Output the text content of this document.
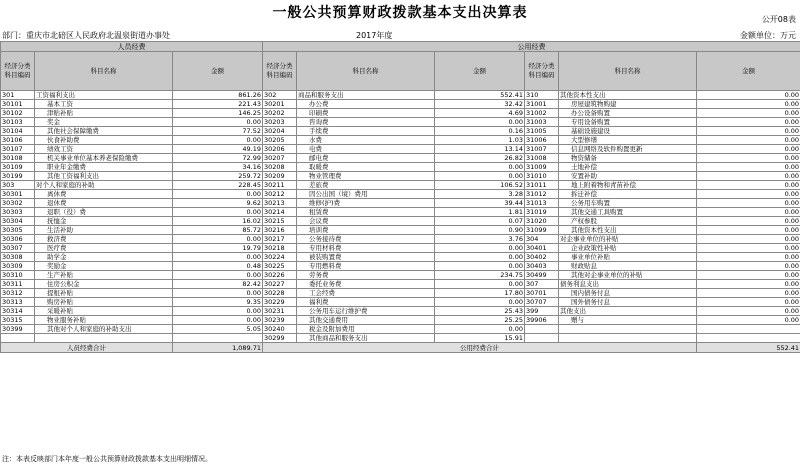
一般公共预算财政拨款基本支出决算表	公开08表
部门：重庆市北碚区人民政府北温泉街道办事处	2017年度	金额单位：万元
人员经费			公用经费					
经济分类科目编码	科目名称	金额	经济分类科目编码	科目名称	金额	经济分类科目编码	科目名称	金额
301	工资福利支出	861.26	302	商品和服务支出	552.41	310	其他资本性支出	0.00
30101	基本工资	221.43	30201	办公费	32.42	31001	房屋建筑物购建	0.00
30102	津贴补贴	146.25	30202	印刷费	4.69	31002	办公设备购置	0.00
30103	奖金	0.00	30203	咨询费	0.00	31003	专用设备购置	0.00
30104	其他社会保障缴费	77.52	30204	手续费	0.16	31005	基础设施建设	0.00
30106	伙食补助费	0.00	30205	水费	1.03	31006	大型修缮	0.00
30107	绩效工资	49.19	30206	电费	13.14	31007	信息网络及软件购置更新	0.00
30108	机关事业单位基本养老保险缴费	72.99	30207	邮电费	26.82	31008	物资储备	0.00
30109	职业年金缴费	34.16	30208	取暖费	0.00	31009	土地补偿	0.00
30199	其他工资福利支出	259.72	30209	物业管理费	0.00	31010	安置补助	0.00
303	对个人和家庭的补助	228.45	30211	差旅费	106.52	31011	地上附着物和青苗补偿	0.00
30301	离休费	0.00	30212	因公出国（境）费用	3.28	31012	拆迁补偿	0.00
30302	退休费	9.62	30213	维修(护)费	39.44	31013	公务用车购置	0.00
30303	退职（役）费	0.00	30214	租赁费	1.81	31019	其他交通工具购置	0.00
30304	抚恤金	16.02	30215	会议费	0.07	31020	产权参股	0.00
30305	生活补助	85.72	30216	培训费	0.90	31099	其他资本性支出	0.00
30306	救济费	0.00	30217	公务接待费	3.76	304	对企事业单位的补贴	0.00
30307	医疗费	19.79	30218	专用材料费	0.00	30401	企业政策性补贴	0.00
30308	助学金	0.00	30224	被装购置费	0.00	30402	事业单位补贴	0.00
30309	奖励金	0.48	30225	专用燃料费	0.00	30403	财政贴息	0.00
30310	生产补贴	0.00	30226	劳务费	234.75	30499	其他对企事业单位的补贴	0.00
30311	住房公积金	82.42	30227	委托业务费	0.00	307	债务利息支出	0.00
30312	提租补贴	0.00	30228	工会经费	17.80	30701	国内债务付息	0.00
30313	购房补贴	9.35	30229	福利费	0.00	30707	国外债务付息	0.00
30314	采暖补贴	0.00	30231	公务用车运行维护费	25.43	399	其他支出	0.00
30315	物业服务补贴	0.00	30239	其他交通费用	25.25	39906	赠与	0.00
30399	其他对个人和家庭的补助支出	5.05	30240	税金及附加费用	0.00			
			30299	其他商品和服务支出	15.91			
人员经费合计		1,089.71	公用经费合计					552.41
注：本表反映部门本年度一般公共预算财政拨款基本支出明细情况。
